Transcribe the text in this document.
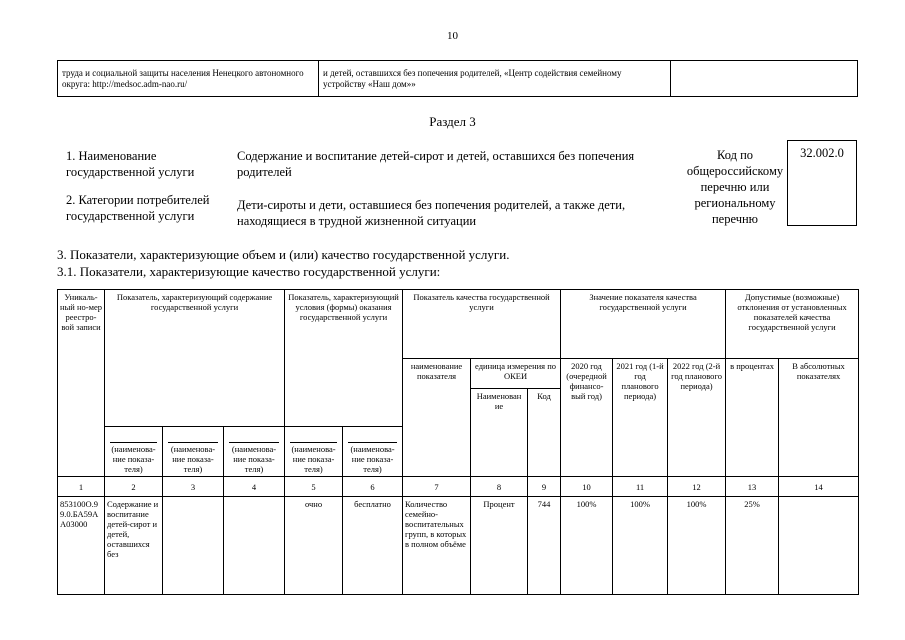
10
труда и социальной защиты населения Ненецкого автономного округа: http://medsoc.adm-nao.ru/	и детей, оставшихся без попечения родителей, «Центр содействия семейному устройству «Наш дом»»	
Раздел 3
1. Наименование государственной услуги
Содержание и воспитание детей-сирот и детей, оставшихся без попечения родителей
2. Категории потребителей государственной услуги
Дети-сироты и дети, оставшиеся без попечения родителей, а также дети, находящиеся в трудной жизненной ситуации
Код по общероссийскому перечню или региональному перечню
32.002.0
3. Показатели, характеризующие объем и (или) качество государственной услуги.
3.1. Показатели, характеризующие качество государственной услуги:
Уникаль-ный но-мер реестро-вой записи	Показатель, характеризующий содержание государственной услуги			Показатель, характеризующий условия (формы) оказания государственной услуги		Показатель качества государственной услуги			Значение показателя качества государственной услуги			Допустимые (возможные) отклонения от установленных показателей качества государственной услуги	
						наименование показателя	единица измерения по ОКЕИ		2020 год (очередной финансо-вый год)	2021 год (1-й год планового периода)	2022 год (2-й год планового периода)	в процентах	В абсолютных показателях
							Наименован ие	Код					
	(наименова-ние показа-теля)	(наименова-ние показа-теля)	(наименова-ние показа-теля)	(наименова-ние показа-теля)	(наименова-ние показа-теля)								
1	2	3	4	5	6	7	8	9	10	11	12	13	14
853100О.99.0.БА59АА03000	Содержание и воспитание детей-сирот и детей, оставшихся без			очно	бесплатно	Количество семейно-воспитательных групп, в которых в полном объёме	Процент	744	100%	100%	100%	25%	
